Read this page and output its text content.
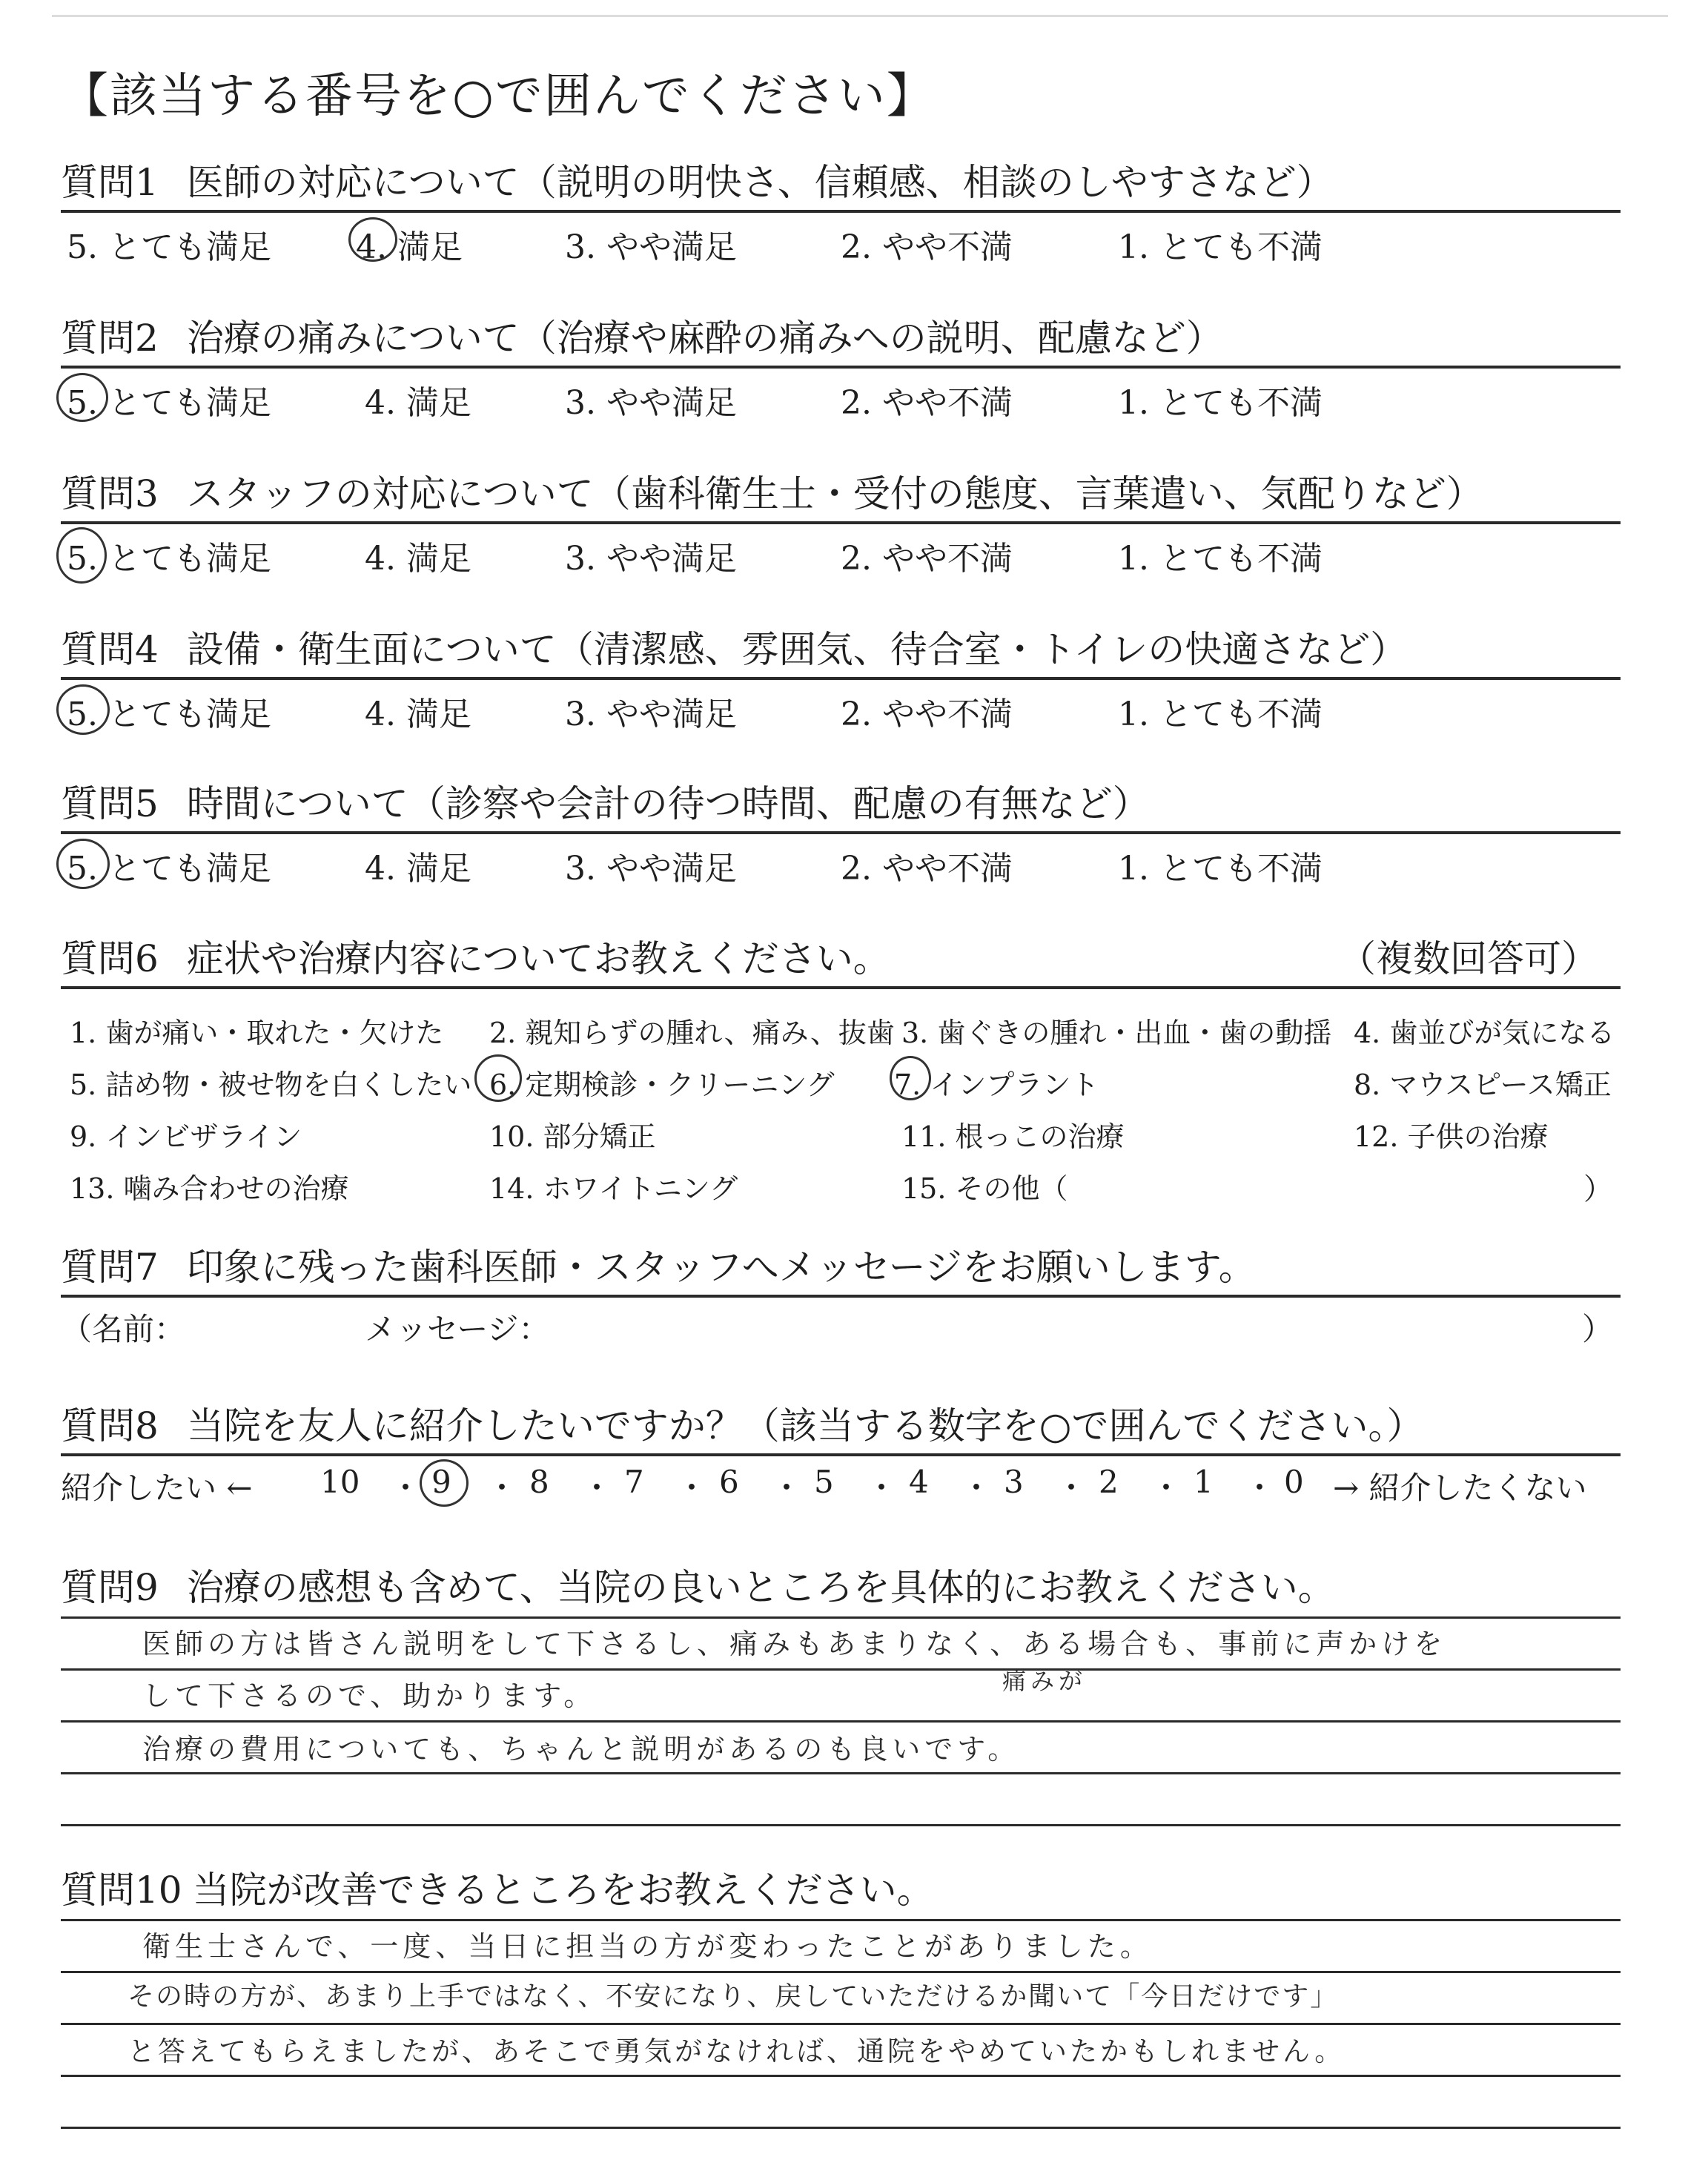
【該当する番号を○で囲んでください】
質問1 医師の対応について（説明の明快さ、信頼感、相談のしやすさなど）
5. とても満足	4. 満足	3. やや満足	2. やや不満	1. とても不満
質問2 治療の痛みについて（治療や麻酔の痛みへの説明、配慮など）
5. とても満足	4. 満足	3. やや満足	2. やや不満	1. とても不満
質問3 スタッフの対応について（歯科衛生士・受付の態度、言葉遣い、気配りなど）
5. とても満足	4. 満足	3. やや満足	2. やや不満	1. とても不満
質問4 設備・衛生面について（清潔感、雰囲気、待合室・トイレの快適さなど）
5. とても満足	4. 満足	3. やや満足	2. やや不満	1. とても不満
質問5 時間について（診察や会計の待つ時間、配慮の有無など）
5. とても満足	4. 満足	3. やや満足	2. やや不満	1. とても不満
質問6 症状や治療内容についてお教えください。	（複数回答可）
1. 歯が痛い・取れた・欠けた 2. 親知らずの腫れ、痛み、抜歯 3. 歯ぐきの腫れ・出血・歯の動揺 4. 歯並びが気になる
5. 詰め物・被せ物を白くしたい 6. 定期検診・クリーニング 7. インプラント	8. マウスピース矯正
9. インビザライン	10. 部分矯正	11. 根っこの治療	12. 子供の治療
13. 噛み合わせの治療	14. ホワイトニング	15. その他（	）
質問7 印象に残った歯科医師・スタッフへメッセージをお願いします。
（名前：	メッセージ：	）
質問8 当院を友人に紹介したいですか？（該当する数字を○で囲んでください。）
紹介したい ← 10 9	8 7 6 5 4 3 2 1 0
・ ・ ・ ・ ・ ・ ・ ・ ・ ・ → 紹介したくない
質問9 治療の感想も含めて、当院の良いところを具体的にお教えください。
医師の方は皆さん説明をして下さるし、痛みもあまりなく、ある場合も、事前に声かけを
して下さるので、助かります。	痛みが
治療の費用についても、ちゃんと説明があるのも良いです。
質問10 当院が改善できるところをお教えください。
衛生士さんで、一度、当日に担当の方が変わったことがありました。
その時の方が、あまり上手ではなく、不安になり、戻していただけるか聞いて「今日だけです」
と答えてもらえましたが、あそこで勇気がなければ、通院をやめていたかもしれません。
